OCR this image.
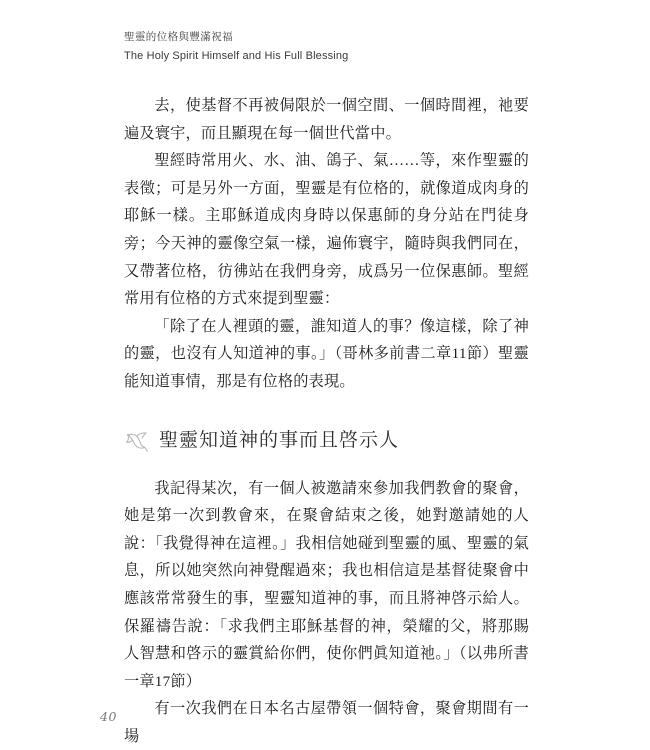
聖靈的位格與豐滿祝福
The Holy Spirit Himself and His Full Blessing

去，使基督不再被侷限於一個空間、一個時間裡，祂要遍及寰宇，而且顯現在每一個世代當中。

聖經時常用火、水、油、鴿子、氣……等，來作聖靈的表徵；可是另外一方面，聖靈是有位格的，就像道成肉身的耶穌一樣。主耶穌道成肉身時以保惠師的身分站在門徒身旁；今天神的靈像空氣一樣，遍佈寰宇，隨時與我們同在，又帶著位格，彷彿站在我們身旁，成爲另一位保惠師。聖經常用有位格的方式來提到聖靈：

「除了在人裡頭的靈，誰知道人的事？像這樣，除了神的靈，也沒有人知道神的事。」（哥林多前書二章11節）聖靈能知道事情，那是有位格的表現。

聖靈知道神的事而且啓示人

我記得某次，有一個人被邀請來參加我們教會的聚會，她是第一次到教會來，在聚會結束之後，她對邀請她的人說：「我覺得神在這裡。」我相信她碰到聖靈的風、聖靈的氣息，所以她突然向神覺醒過來；我也相信這是基督徒聚會中應該常常發生的事，聖靈知道神的事，而且將神啓示給人。保羅禱告說：「求我們主耶穌基督的神，榮耀的父，將那賜人智慧和啓示的靈賞給你們，使你們眞知道祂。」（以弗所書一章17節）

有一次我們在日本名古屋帶領一個特會，聚會期間有一場

40
